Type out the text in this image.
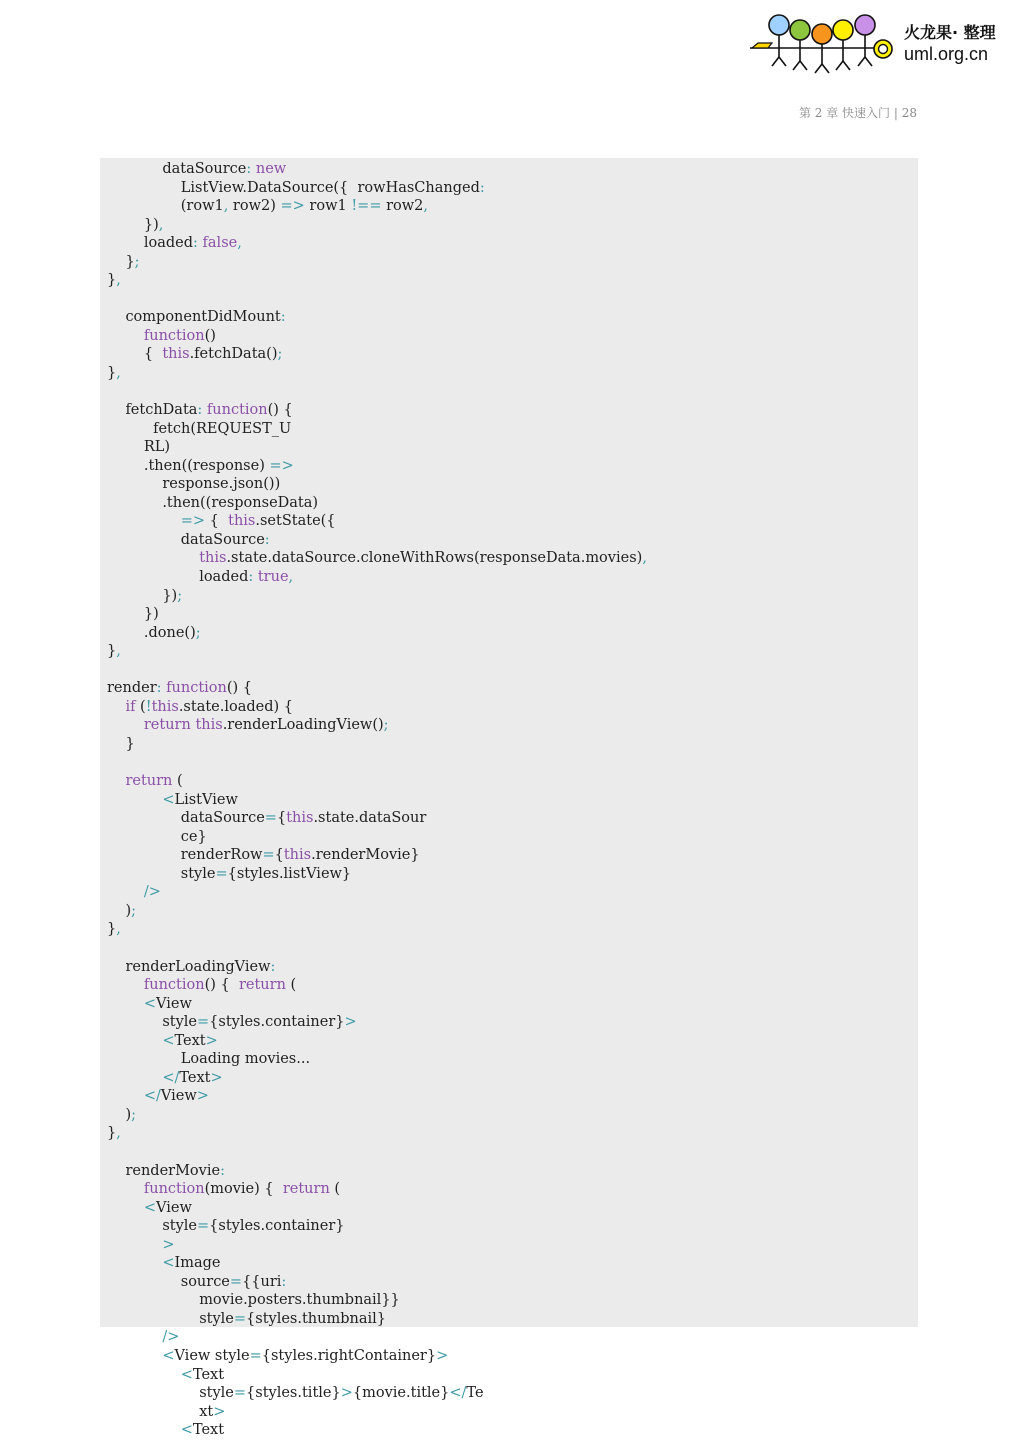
火龙果· 整理
uml.org.cn
第 2 章 快速入门 | 28
dataSource: new
ListView.DataSource({  rowHasChanged:
(row1, row2) => row1 !== row2,
}),
loaded: false,
};
},
componentDidMount:
function()
{  this.fetchData();
},
fetchData: function() {
fetch(REQUEST_U
RL)
.then((response) =>
response.json())
.then((responseData)
=> {  this.setState({
dataSource:
this.state.dataSource.cloneWithRows(responseData.movies),
loaded: true,
});
})
.done();
},
render: function() {
if (!this.state.loaded) {
return this.renderLoadingView();
}
return (
<ListView
dataSource={this.state.dataSour
ce}
renderRow={this.renderMovie}
style={styles.listView}
/>
);
},
renderLoadingView:
function() {  return (
<View
style={styles.container}>
<Text>
Loading movies...
</Text>
</View>
);
},
renderMovie:
function(movie) {  return (
<View
style={styles.container}
>
<Image
source={{uri:
movie.posters.thumbnail}}
style={styles.thumbnail}
/>
<View style={styles.rightContainer}>
<Text
style={styles.title}>{movie.title}</Te
xt>
<Text
